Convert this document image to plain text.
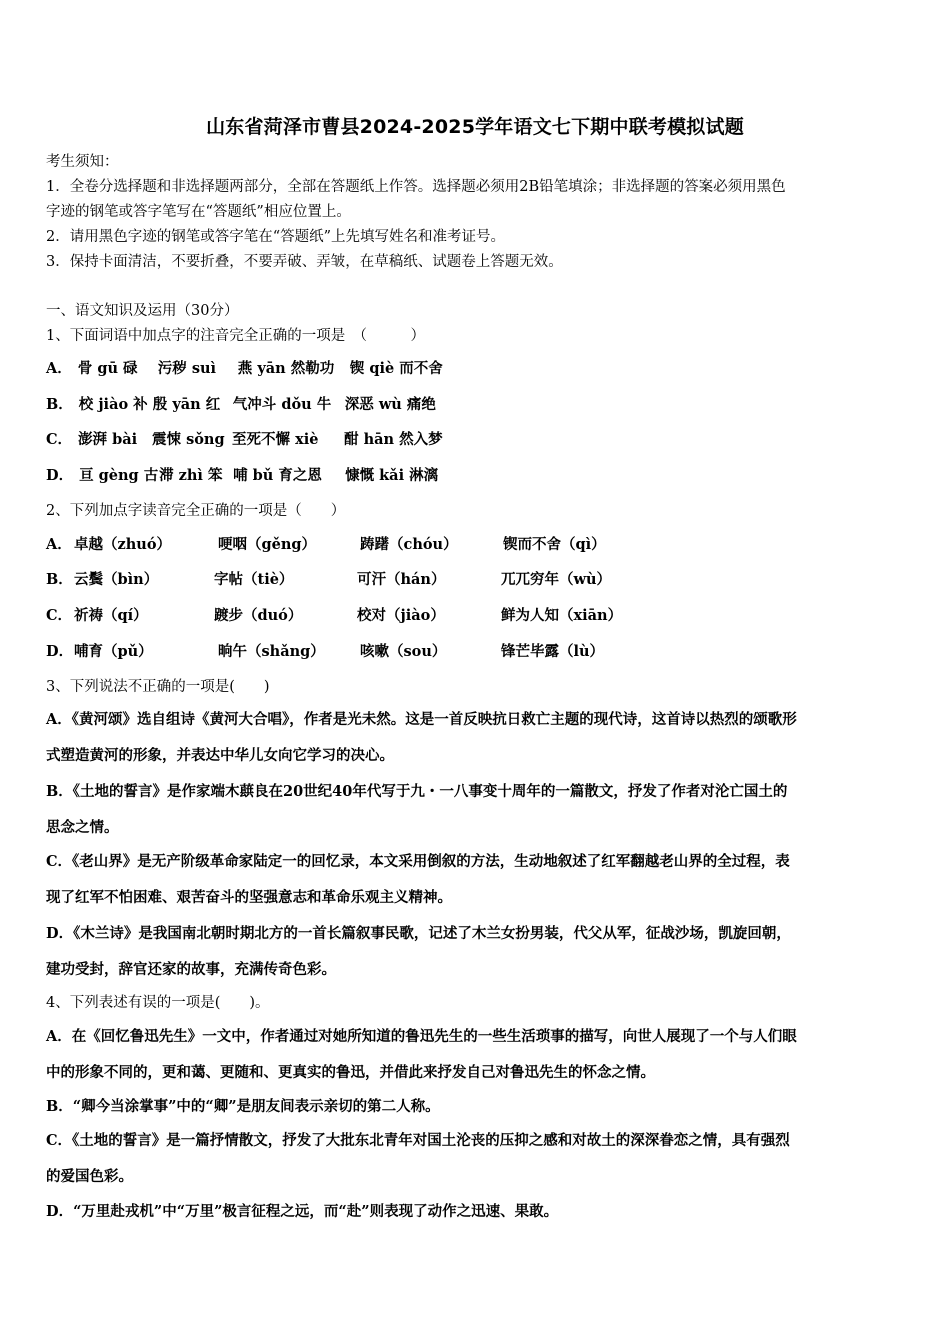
山东省菏泽市曹县2024-2025学年语文七下期中联考模拟试题
考生须知：
1．全卷分选择题和非选择题两部分，全部在答题纸上作答。选择题必须用2B铅笔填涂；非选择题的答案必须用黑色
字迹的钢笔或答字笔写在“答题纸”相应位置上。
2．请用黑色字迹的钢笔或答字笔在“答题纸”上先填写姓名和准考证号。
3．保持卡面清洁，不要折叠，不要弄破、弄皱，在草稿纸、试题卷上答题无效。
一、语文知识及运用（30分）
1、下面词语中加点字的注音完全正确的一项是　（　　　）
A． 骨 gū 碌 污秽 suì 燕 yān 然勒功 锲 qiè 而不舍
B． 校 jiào 补 殷 yān 红 气冲斗 dǒu 牛 深恶 wù 痛绝
C． 澎湃 bài 震悚 sǒng 至死不懈 xiè 酣 hān 然入梦
D． 亘 gèng 古滞 zhì 笨 哺 bǔ 育之恩 慷慨 kǎi 淋漓
2、下列加点字读音完全正确的一项是（　　）
A． 卓越（zhuó）	哽咽（gěng）	踌躇（chóu）	锲而不舍（qì）
B． 云鬓（bìn）	字帖（tiè）	可汗（hán）	兀兀穷年（wù）
C． 祈祷（qí）	踱步（duó）	校对（jiào）	鲜为人知（xiān）
D． 哺育（pǔ）	晌午（shǎng） 咳嗽（sou）	锋芒毕露（lù）
3、下列说法不正确的一项是(　　)
A．《黄河颂》选自组诗《黄河大合唱》，作者是光未然。这是一首反映抗日救亡主题的现代诗，这首诗以热烈的颂歌形
式塑造黄河的形象，并表达中华儿女向它学习的决心。
B．《土地的誓言》是作家端木蕻良在20世纪40年代写于九・一八事变十周年的一篇散文，抒发了作者对沦亡国土的
思念之情。
C．《老山界》是无产阶级革命家陆定一的回忆录，本文采用倒叙的方法，生动地叙述了红军翻越老山界的全过程，表
现了红军不怕困难、艰苦奋斗的坚强意志和革命乐观主义精神。
D．《木兰诗》是我国南北朝时期北方的一首长篇叙事民歌，记述了木兰女扮男装，代父从军，征战沙场，凯旋回朝，
建功受封，辞官还家的故事，充满传奇色彩。
4、下列表述有误的一项是(　　)。
A．在《回忆鲁迅先生》一文中，作者通过对她所知道的鲁迅先生的一些生活琐事的描写，向世人展现了一个与人们眼
中的形象不同的，更和蔼、更随和、更真实的鲁迅，并借此来抒发自己对鲁迅先生的怀念之情。
B．“卿今当涂掌事”中的“卿”是朋友间表示亲切的第二人称。
C．《土地的誓言》是一篇抒情散文，抒发了大批东北青年对国土沦丧的压抑之感和对故土的深深眷恋之情，具有强烈
的爱国色彩。
D．“万里赴戎机”中“万里”极言征程之远，而“赴”则表现了动作之迅速、果敢。
